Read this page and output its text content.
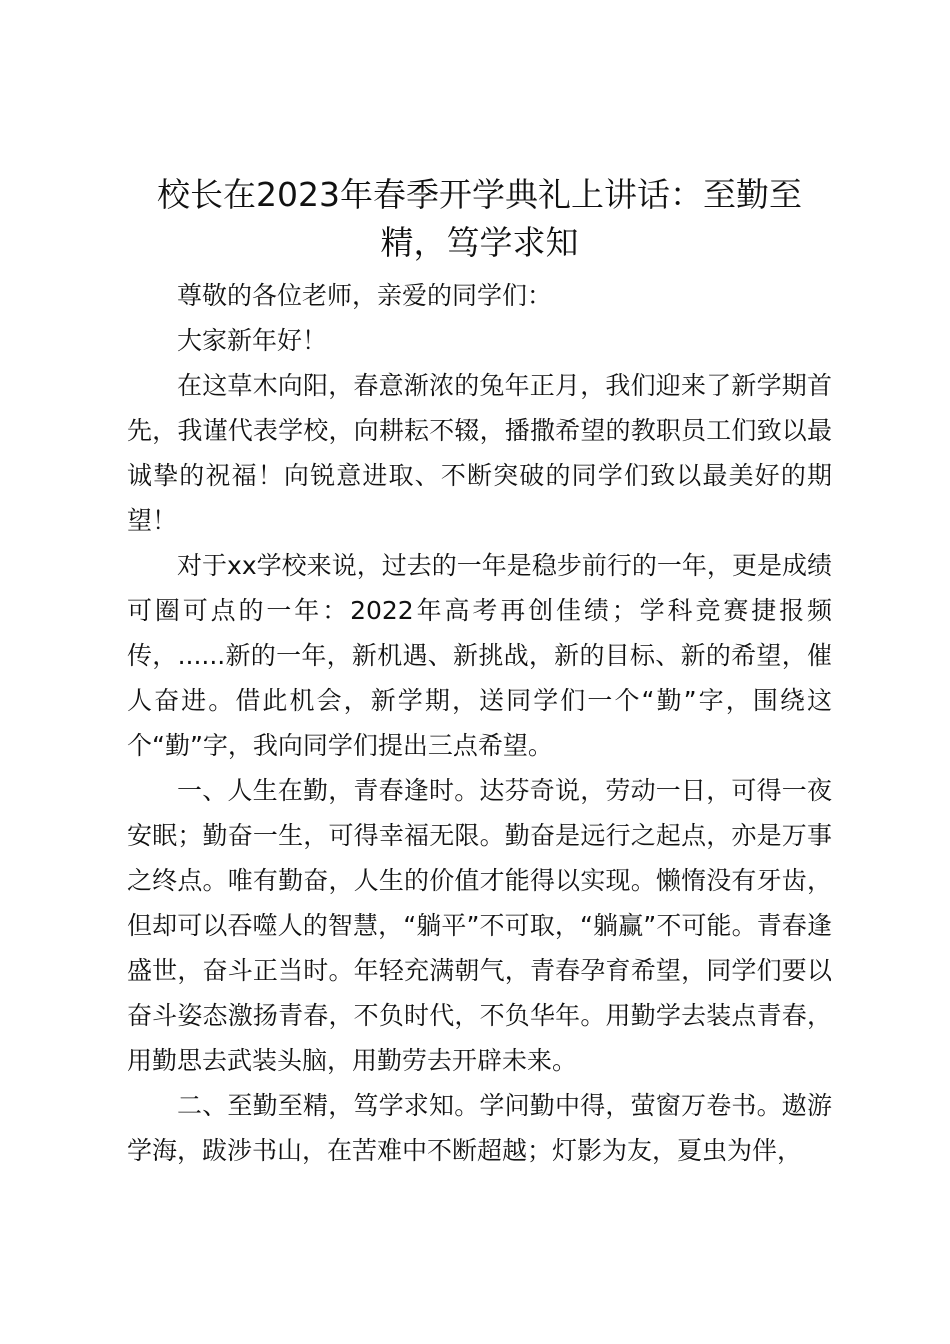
校长在2023年春季开学典礼上讲话：至勤至精，笃学求知

尊敬的各位老师，亲爱的同学们：

大家新年好！

在这草木向阳，春意渐浓的兔年正月，我们迎来了新学期首先，我谨代表学校，向耕耘不辍，播撒希望的教职员工们致以最诚挚的祝福！向锐意进取、不断突破的同学们致以最美好的期望！

对于xx学校来说，过去的一年是稳步前行的一年，更是成绩可圈可点的一年：2022年高考再创佳绩；学科竞赛捷报频传，......新的一年，新机遇、新挑战，新的目标、新的希望，催人奋进。借此机会，新学期，送同学们一个“勤”字，围绕这个“勤”字，我向同学们提出三点希望。

一、人生在勤，青春逢时。达芬奇说，劳动一日，可得一夜安眠；勤奋一生，可得幸福无限。勤奋是远行之起点，亦是万事之终点。唯有勤奋，人生的价值才能得以实现。懒惰没有牙齿，但却可以吞噬人的智慧，“躺平”不可取，“躺赢”不可能。青春逢盛世，奋斗正当时。年轻充满朝气，青春孕育希望，同学们要以奋斗姿态激扬青春，不负时代，不负华年。用勤学去装点青春，用勤思去武装头脑，用勤劳去开辟未来。

二、至勤至精，笃学求知。学问勤中得，萤窗万卷书。遨游学海，跋涉书山，在苦难中不断超越；灯影为友，夏虫为伴，
